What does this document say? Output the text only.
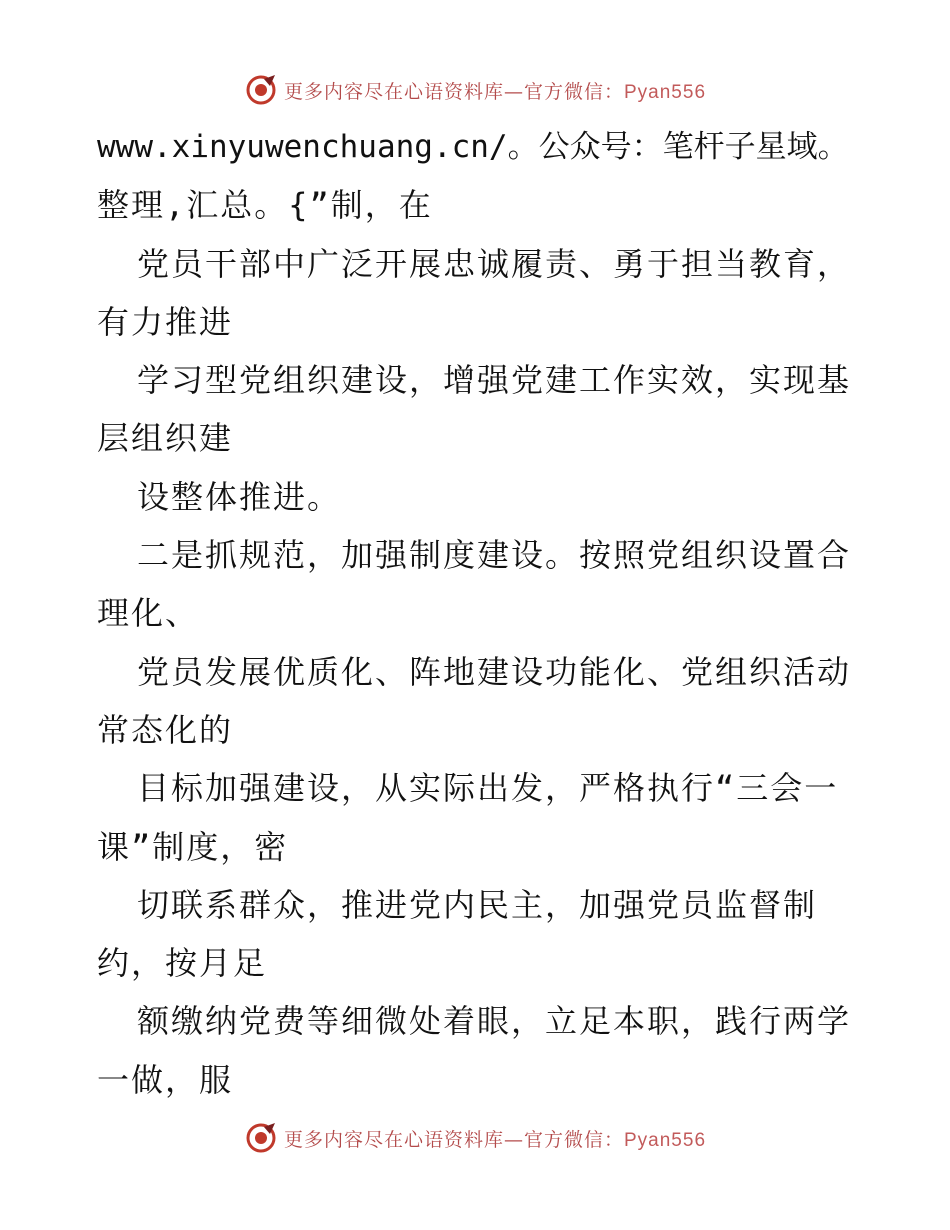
更多内容尽在心语资料库—官方微信：Pyan556
www.xinyuwenchuang.cn/。公众号：笔杆子星域。
整理,汇总。{”制，在
党员干部中广泛开展忠诚履责、勇于担当教育，
有力推进
学习型党组织建设，增强党建工作实效，实现基
层组织建
设整体推进。
二是抓规范，加强制度建设。按照党组织设置合
理化、
党员发展优质化、阵地建设功能化、党组织活动
常态化的
目标加强建设，从实际出发，严格执行“三会一
课”制度，密
切联系群众，推进党内民主，加强党员监督制
约，按月足
额缴纳党费等细微处着眼，立足本职，践行两学
一做，服
更多内容尽在心语资料库—官方微信：Pyan556
